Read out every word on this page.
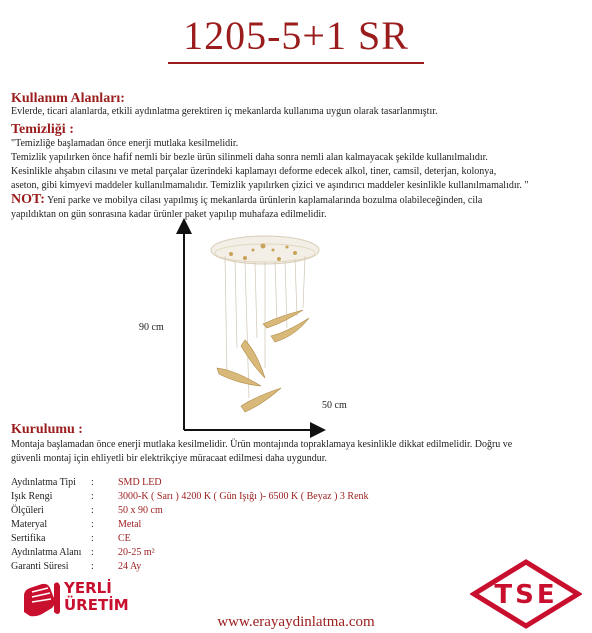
1205-5+1 SR
Kullanım Alanları:
Evlerde, ticari alanlarda, etkili aydınlatma gerektiren iç mekanlarda kullanıma uygun olarak tasarlanmıştır.
Temizliği :
"Temizliğe başlamadan önce enerji mutlaka kesilmelidir.
Temizlik yapılırken önce hafif nemli bir bezle ürün silinmeli daha sonra nemli alan kalmayacak şekilde kullanılmalıdır.
Kesinlikle ahşabın cilasını ve metal parçalar üzerindeki kaplamayı deforme edecek alkol, tiner, camsil, deterjan, kolonya,
aseton, gibi kimyevi maddeler kullanılmamalıdır. Temizlik yapılırken çizici ve aşındırıcı maddeler kesinlikle kullanılmamalıdır. "
NOT: Yeni parke ve mobilya cilası yapılmış iç mekanlarda ürünlerin kaplamalarında bozulma olabileceğinden, cila
yapıldıktan on gün sonrasına kadar ürünler paket yapılıp muhafaza edilmelidir.
90 cm
50 cm
Kurulumu :
Montaja başlamadan önce enerji mutlaka kesilmelidir. Ürün montajında topraklamaya kesinlikle dikkat edilmelidir. Doğru ve
güvenli montaj için ehliyetli bir elektrikçiye müracaat edilmesi daha uygundur.
Aydınlatma Tipi	:	SMD LED
Işık Rengi	:	3000-K ( Sarı ) 4200 K ( Gün Işığı )- 6500 K ( Beyaz ) 3 Renk
Ölçüleri	:	50 x 90 cm
Materyal	:	Metal
Sertifika	:	CE
Aydınlatma Alanı :	20-25 m²
Garanti Süresi	:	24 Ay
YERLİ
ÜRETİM
www.erayaydinlatma.com
TSE
